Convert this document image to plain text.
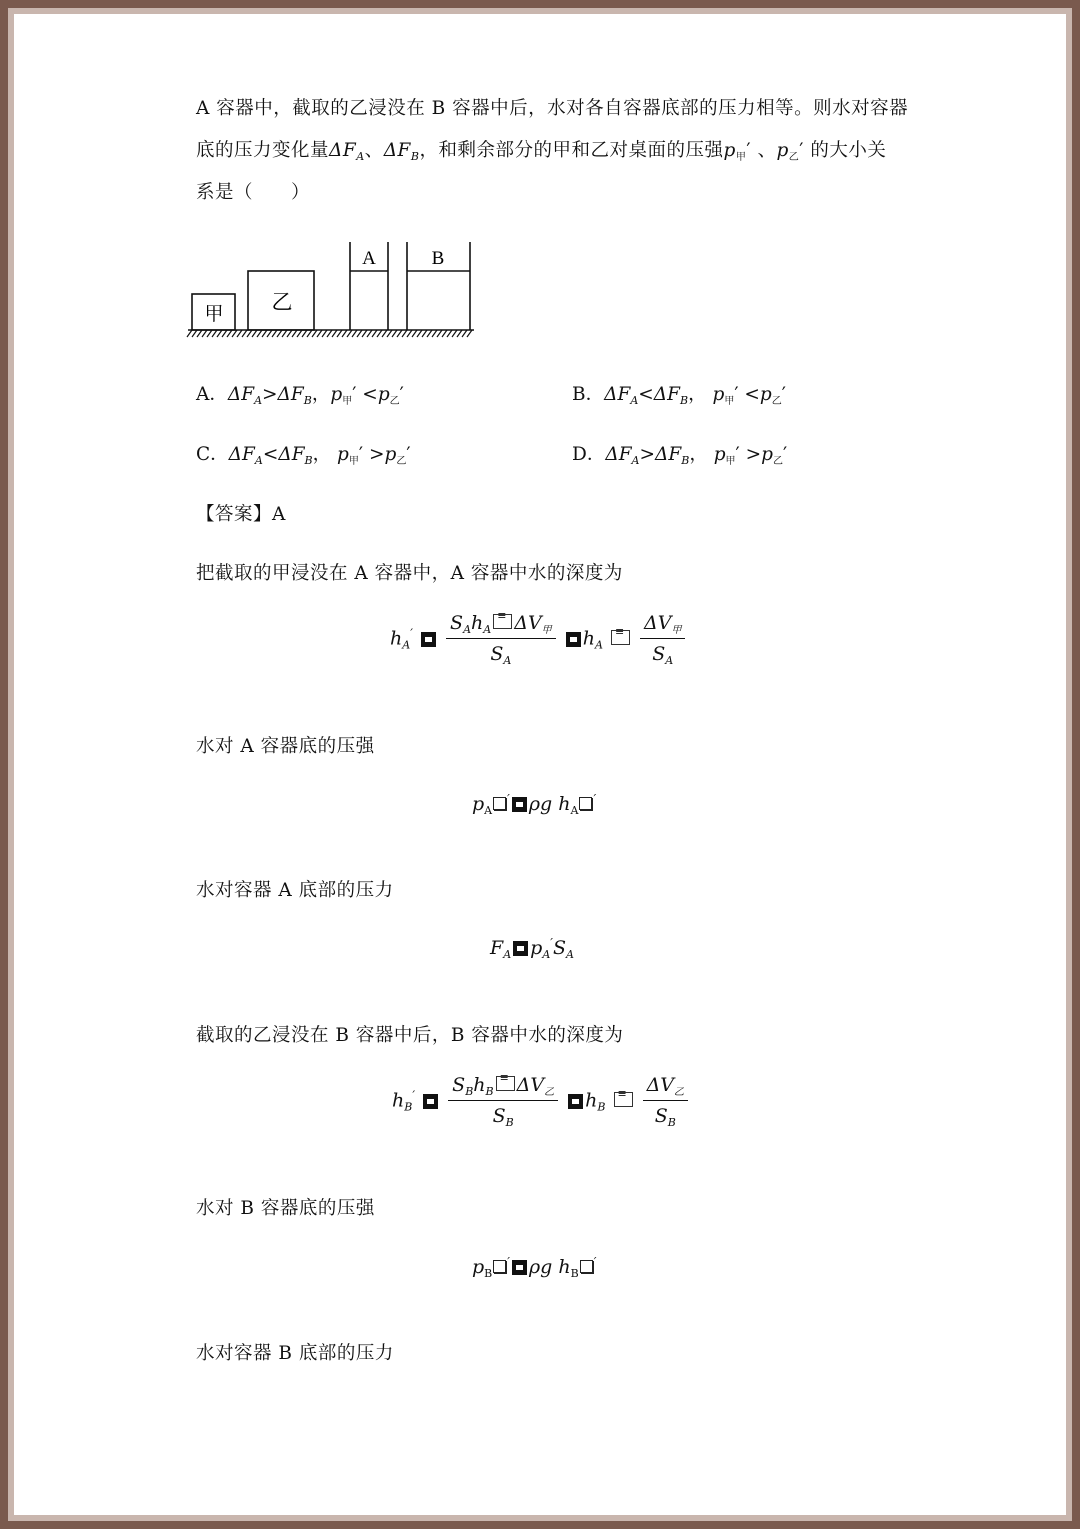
A 容器中，截取的乙浸没在 B 容器中后，水对各自容器底部的压力相等。则水对容器
底的压力变化量$\Delta F_A$、$\Delta F_B$，和剩余部分的甲和乙对桌面的压强$p_甲'$ 、$p_乙'$ 的大小关
系是（　　）
甲 乙
A	B
A．$\Delta F_A>\Delta F_B$，$p_甲' <p_乙'$	B．$\Delta F_A<\Delta F_B$， $p_甲' <p_乙'$
C．$\Delta F_A<\Delta F_B$， $p_甲' >p_乙'$	D．$\Delta F_A>\Delta F_B$， $p_甲' >p_乙'$
【答案】A
把截取的甲浸没在 A 容器中，A 容器中水的深度为
$h_A' \frac{S_Ah_A \equiv \Delta V_甲}{S_A} h_A \equiv \frac{\Delta V_甲}{S_A}$
水对 A 容器底的压强
$p_A'$ ρg $h_A'$
水对容器 A 底部的压力
$F_A$ $p_A'S_A$
截取的乙浸没在 B 容器中后，B 容器中水的深度为
$h_B' \frac{S_Bh_B \equiv \Delta V_乙}{S_B} h_B \equiv \frac{\Delta V_乙}{S_B}$
水对 B 容器底的压强
$p_B'$ ρg $h_B'$
水对容器 B 底部的压力
